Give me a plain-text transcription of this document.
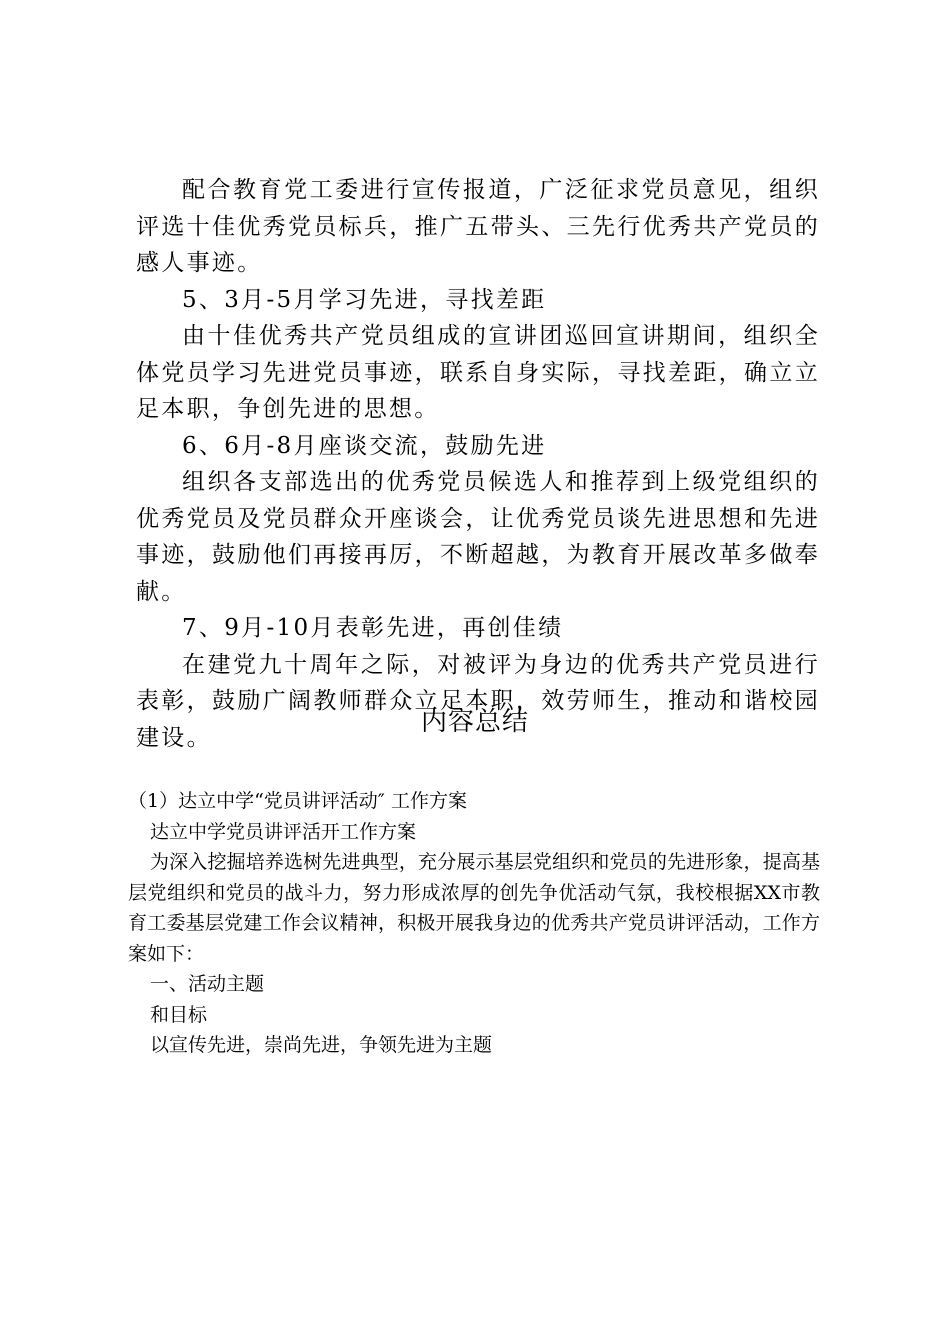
配合教育党工委进行宣传报道，广泛征求党员意见，组织评选十佳优秀党员标兵，推广五带头、三先行优秀共产党员的感人事迹。

5、3月-5月学习先进，寻找差距

由十佳优秀共产党员组成的宣讲团巡回宣讲期间，组织全体党员学习先进党员事迹，联系自身实际，寻找差距，确立立足本职，争创先进的思想。

6、6月-8月座谈交流，鼓励先进

组织各支部选出的优秀党员候选人和推荐到上级党组织的优秀党员及党员群众开座谈会，让优秀党员谈先进思想和先进事迹，鼓励他们再接再厉，不断超越，为教育开展改革多做奉献。

7、9月-10月表彰先进，再创佳绩

在建党九十周年之际，对被评为身边的优秀共产党员进行表彰，鼓励广阔教师群众立足本职，效劳师生，推动和谐校园建设。

内容总结

（1）达立中学“党员讲评活动″ 工作方案

达立中学党员讲评活开工作方案

为深入挖掘培养选树先进典型，充分展示基层党组织和党员的先进形象，提高基层党组织和党员的战斗力，努力形成浓厚的创先争优活动气氛，我校根据XX市教育工委基层党建工作会议精神，积极开展我身边的优秀共产党员讲评活动，工作方案如下：

一、活动主题

和目标

以宣传先进，崇尚先进，争领先进为主题
